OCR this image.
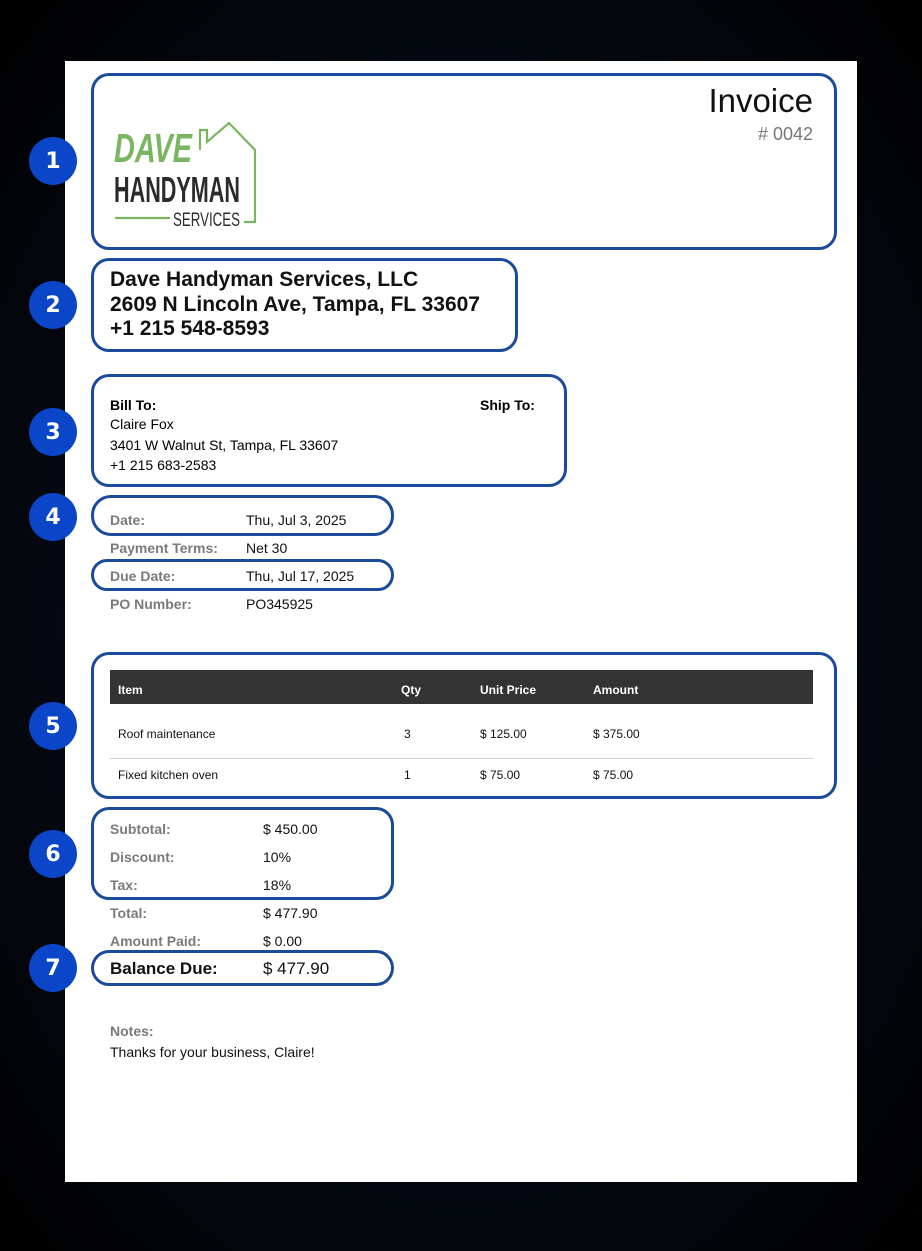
1
2
3
4
5
6
7
Invoice
# 0042
DAVE
HANDYMAN
SERVICES
Dave Handyman Services, LLC
2609 N Lincoln Ave, Tampa, FL 33607
+1 215 548-8593
Bill To:	Ship To:
Claire Fox
3401 W Walnut St, Tampa, FL 33607
+1 215 683-2583
Date:	Thu, Jul 3, 2025
Payment Terms: Net 30
Due Date:	Thu, Jul 17, 2025
PO Number:	PO345925
Item	Qty	Unit Price	Amount
Roof maintenance	3	$ 125.00	$ 375.00
Fixed kitchen oven	1	$ 75.00	$ 75.00
Subtotal:	$ 450.00
Discount:	10%
Tax:	18%
Total:	$ 477.90
Amount Paid:	$ 0.00
Balance Due:	$ 477.90
Notes:
Thanks for your business, Claire!
